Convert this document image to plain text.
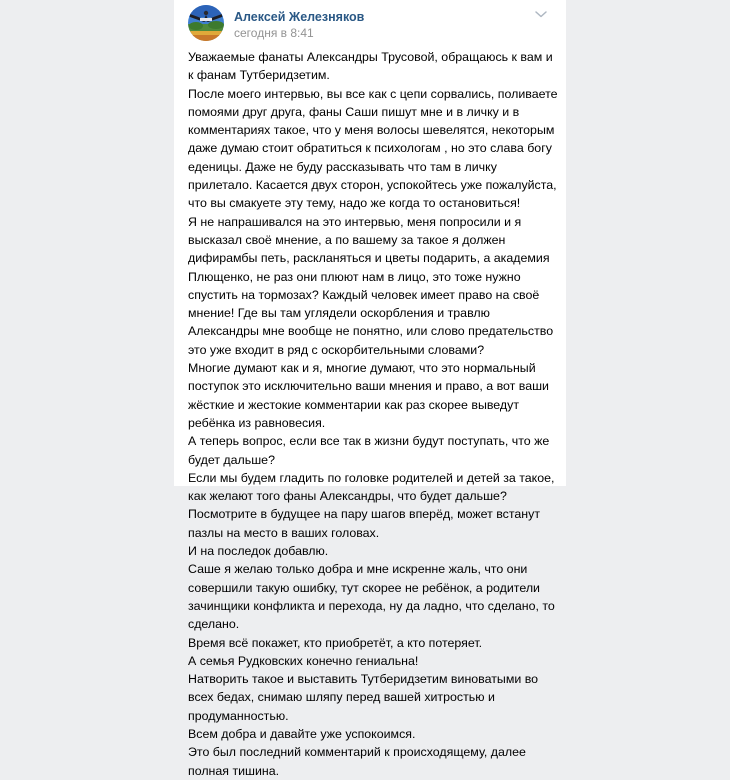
Алексей Железняков
сегодня в 8:41

Уважаемые фанаты Александры Трусовой, обращаюсь к вам и к фанам Тутберидзетим.

После моего интервью, вы все как с цепи сорвались, поливаете помоями друг друга, фаны Саши пишут мне и в личку и в комментариях такое, что у меня волосы шевелятся, некоторым даже думаю стоит обратиться к психологам , но это слава богу еденицы. Даже не буду рассказывать что там в личку прилетало. Касается двух сторон, успокойтесь уже пожалуйста, что вы смакуете эту тему, надо же когда то остановиться!

Я не напрашивался на это интервью, меня попросили и я высказал своё мнение, а по вашему за такое я должен дифирамбы петь, раскланяться и цветы подарить, а академия Плющенко, не раз они плюют нам в лицо, это тоже нужно спустить на тормозах? Каждый человек имеет право на своё мнение! Где вы там углядели оскорбления и травлю Александры мне вообще не понятно, или слово предательство это уже входит в ряд с оскорбительными словами?

Многие думают как и я, многие думают, что это нормальный поступок это исключительно ваши мнения и право, а вот ваши жёсткие и жестокие комментарии как раз скорее выведут ребёнка из равновесия.

А теперь вопрос, если все так в жизни будут поступать, что же будет дальше?

Если мы будем гладить по головке родителей и детей за такое, как желают того фаны Александры, что будет дальше?

Посмотрите в будущее на пару шагов вперёд, может встанут пазлы на место в ваших головах.

И на последок добавлю.

Саше я желаю только добра и мне искренне жаль, что они совершили такую ошибку, тут скорее не ребёнок, а родители зачинщики конфликта и перехода, ну да ладно, что сделано, то сделано.

Время всё покажет, кто приобретёт, а кто потеряет.

А семья Рудковских конечно гениальна!

Натворить такое и выставить Тутберидзетим виноватыми во всех бедах, снимаю шляпу перед вашей хитростью и продуманностью.

Всем добра и давайте уже успокоимся.

Это был последний комментарий к происходящему, далее полная тишина.
